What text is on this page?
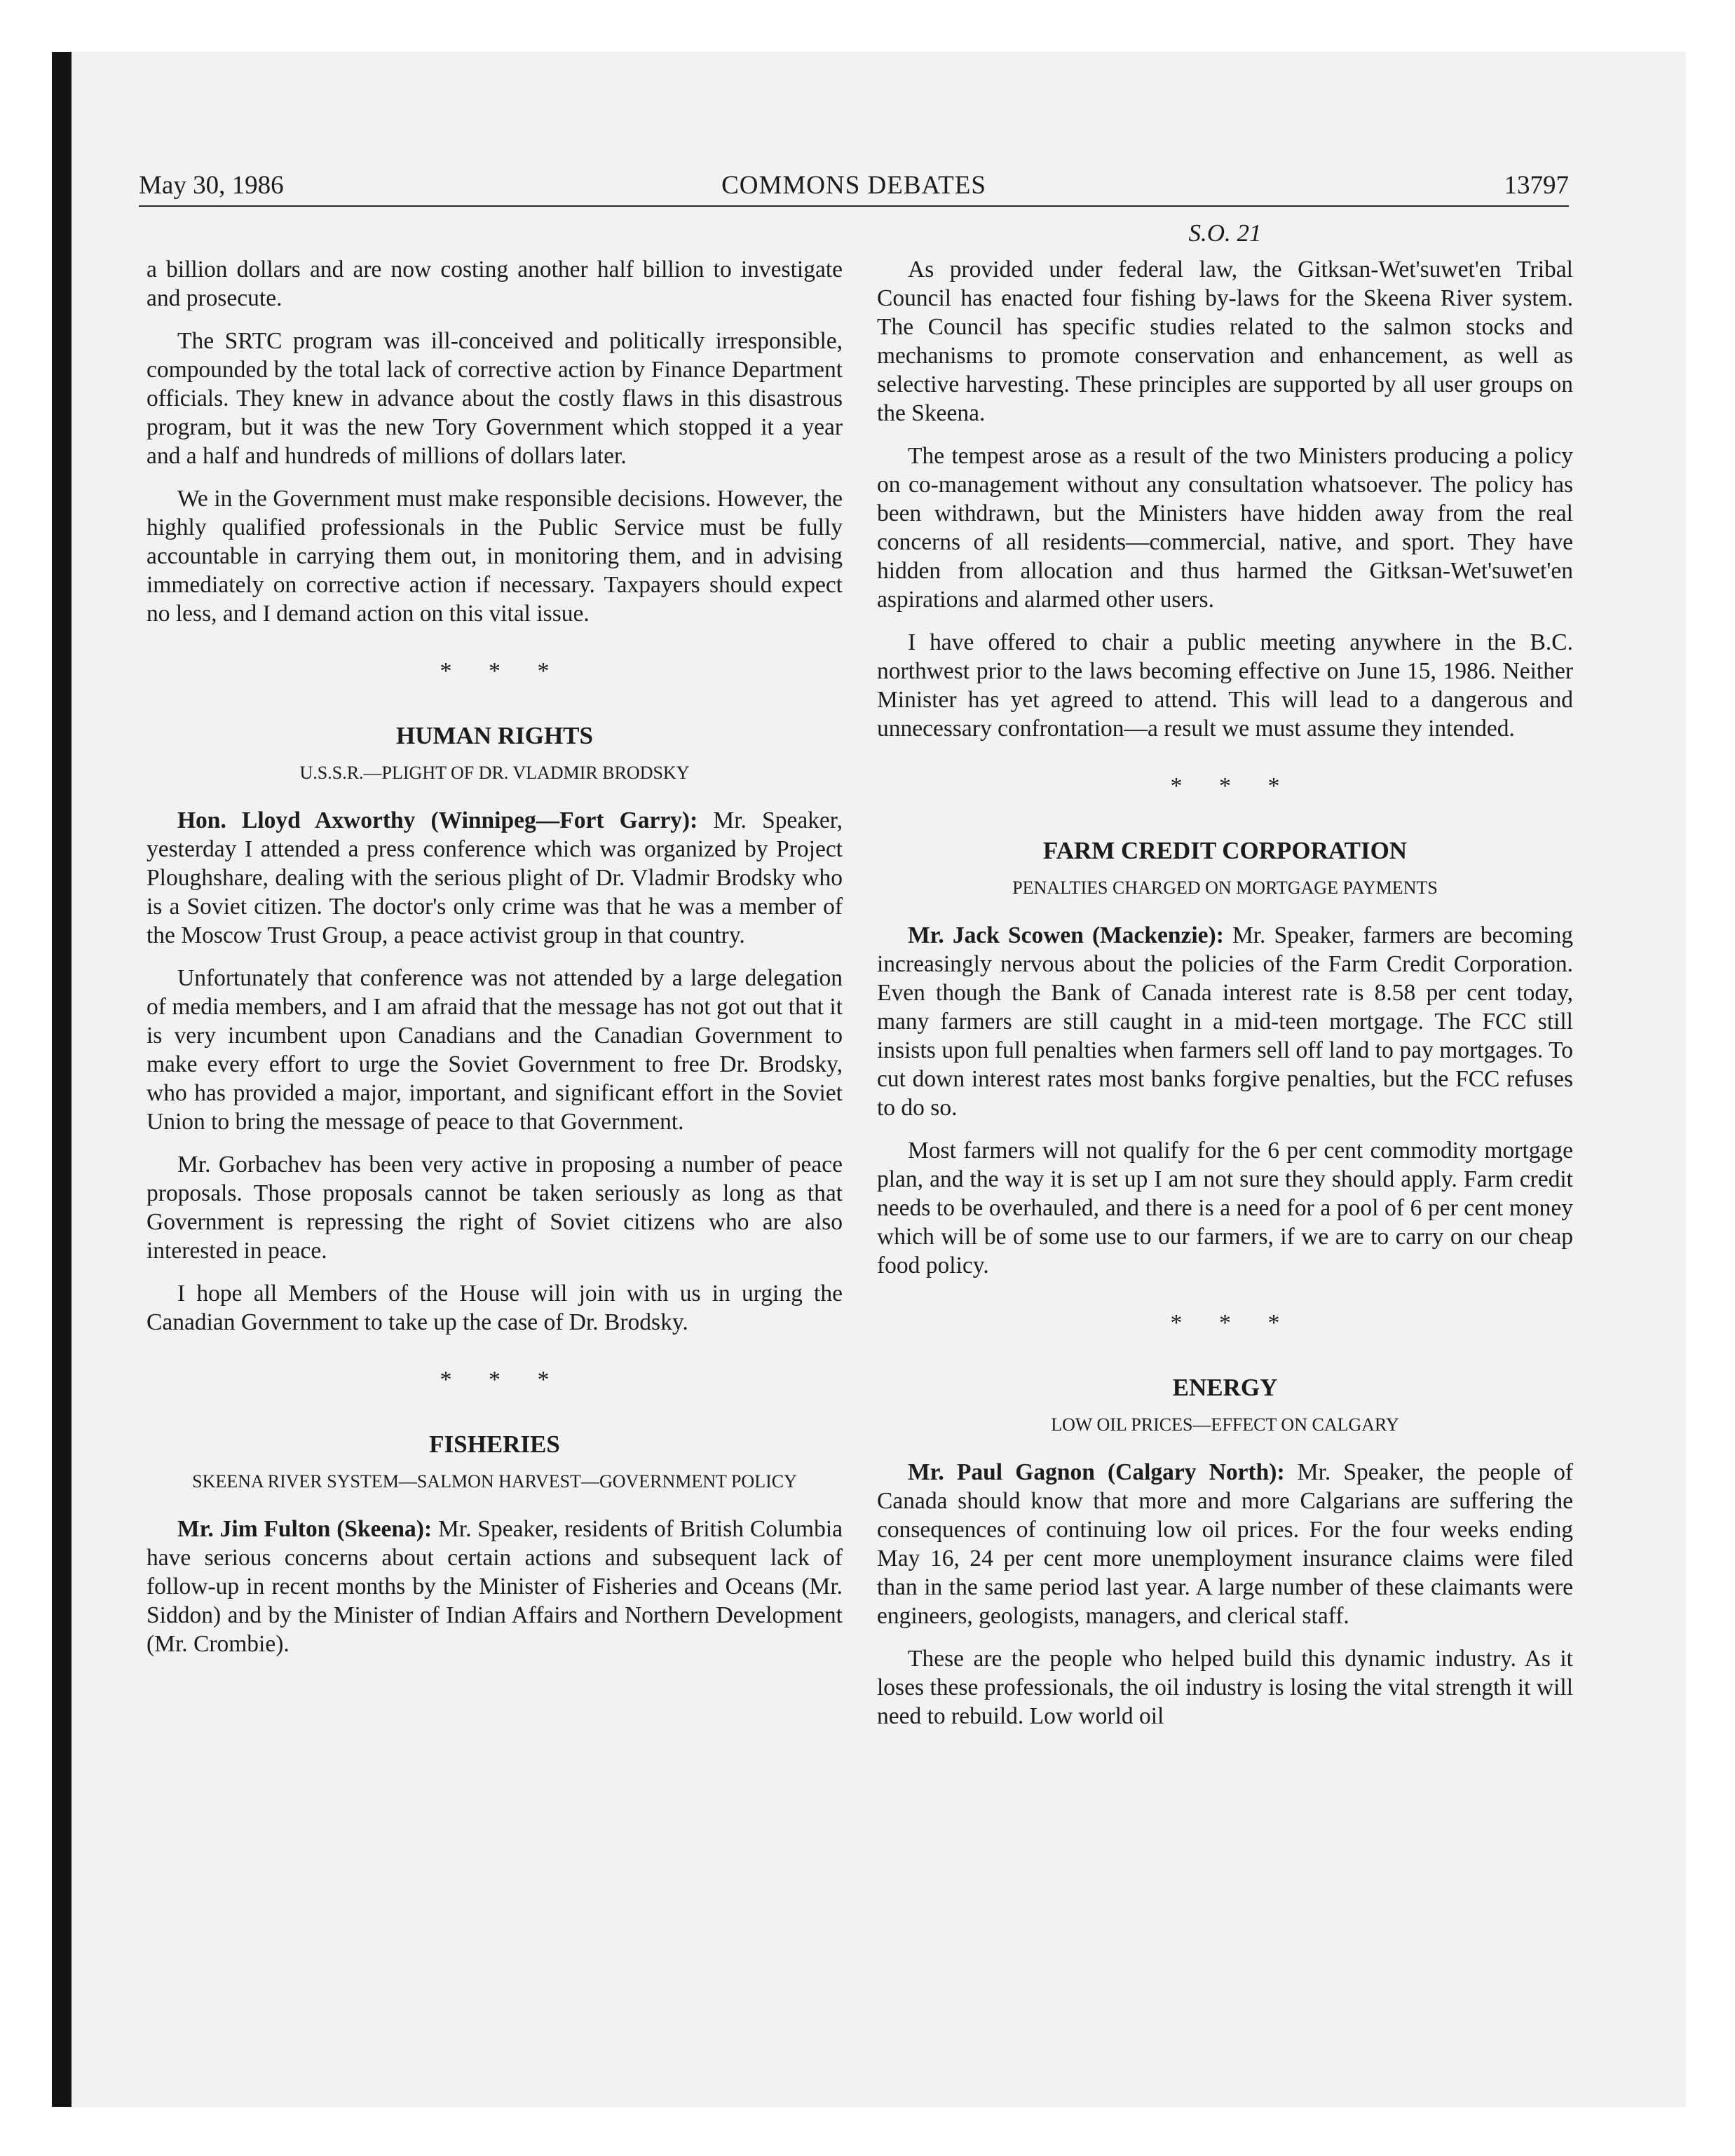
May 30, 1986	COMMONS DEBATES	13797

a billion dollars and are now costing another half billion to investigate and prosecute.

The SRTC program was ill-conceived and politically irresponsible, compounded by the total lack of corrective action by Finance Department officials. They knew in advance about the costly flaws in this disastrous program, but it was the new Tory Government which stopped it a year and a half and hundreds of millions of dollars later.

We in the Government must make responsible decisions. However, the highly qualified professionals in the Public Service must be fully accountable in carrying them out, in monitoring them, and in advising immediately on corrective action if necessary. Taxpayers should expect no less, and I demand action on this vital issue.

* * *
HUMAN RIGHTS
U.S.S.R.—PLIGHT OF DR. VLADMIR BRODSKY

Hon. Lloyd Axworthy (Winnipeg—Fort Garry): Mr. Speaker, yesterday I attended a press conference which was organized by Project Ploughshare, dealing with the serious plight of Dr. Vladmir Brodsky who is a Soviet citizen. The doctor's only crime was that he was a member of the Moscow Trust Group, a peace activist group in that country.

Unfortunately that conference was not attended by a large delegation of media members, and I am afraid that the message has not got out that it is very incumbent upon Canadians and the Canadian Government to make every effort to urge the Soviet Government to free Dr. Brodsky, who has provided a major, important, and significant effort in the Soviet Union to bring the message of peace to that Government.

Mr. Gorbachev has been very active in proposing a number of peace proposals. Those proposals cannot be taken seriously as long as that Government is repressing the right of Soviet citizens who are also interested in peace.

I hope all Members of the House will join with us in urging the Canadian Government to take up the case of Dr. Brodsky.

* * *
FISHERIES
SKEENA RIVER SYSTEM—SALMON HARVEST—GOVERNMENT POLICY

Mr. Jim Fulton (Skeena): Mr. Speaker, residents of British Columbia have serious concerns about certain actions and subsequent lack of follow-up in recent months by the Minister of Fisheries and Oceans (Mr. Siddon) and by the Minister of Indian Affairs and Northern Development (Mr. Crombie).

S.O. 21

As provided under federal law, the Gitksan-Wet'suwet'en Tribal Council has enacted four fishing by-laws for the Skeena River system. The Council has specific studies related to the salmon stocks and mechanisms to promote conservation and enhancement, as well as selective harvesting. These principles are supported by all user groups on the Skeena.

The tempest arose as a result of the two Ministers producing a policy on co-management without any consultation whatsoever. The policy has been withdrawn, but the Ministers have hidden away from the real concerns of all residents—commercial, native, and sport. They have hidden from allocation and thus harmed the Gitksan-Wet'suwet'en aspirations and alarmed other users.

I have offered to chair a public meeting anywhere in the B.C. northwest prior to the laws becoming effective on June 15, 1986. Neither Minister has yet agreed to attend. This will lead to a dangerous and unnecessary confrontation—a result we must assume they intended.

* * *
FARM CREDIT CORPORATION
PENALTIES CHARGED ON MORTGAGE PAYMENTS

Mr. Jack Scowen (Mackenzie): Mr. Speaker, farmers are becoming increasingly nervous about the policies of the Farm Credit Corporation. Even though the Bank of Canada interest rate is 8.58 per cent today, many farmers are still caught in a mid-teen mortgage. The FCC still insists upon full penalties when farmers sell off land to pay mortgages. To cut down interest rates most banks forgive penalties, but the FCC refuses to do so.

Most farmers will not qualify for the 6 per cent commodity mortgage plan, and the way it is set up I am not sure they should apply. Farm credit needs to be overhauled, and there is a need for a pool of 6 per cent money which will be of some use to our farmers, if we are to carry on our cheap food policy.

* * *
ENERGY
LOW OIL PRICES—EFFECT ON CALGARY

Mr. Paul Gagnon (Calgary North): Mr. Speaker, the people of Canada should know that more and more Calgarians are suffering the consequences of continuing low oil prices. For the four weeks ending May 16, 24 per cent more unemployment insurance claims were filed than in the same period last year. A large number of these claimants were engineers, geologists, managers, and clerical staff.

These are the people who helped build this dynamic industry. As it loses these professionals, the oil industry is losing the vital strength it will need to rebuild. Low world oil
